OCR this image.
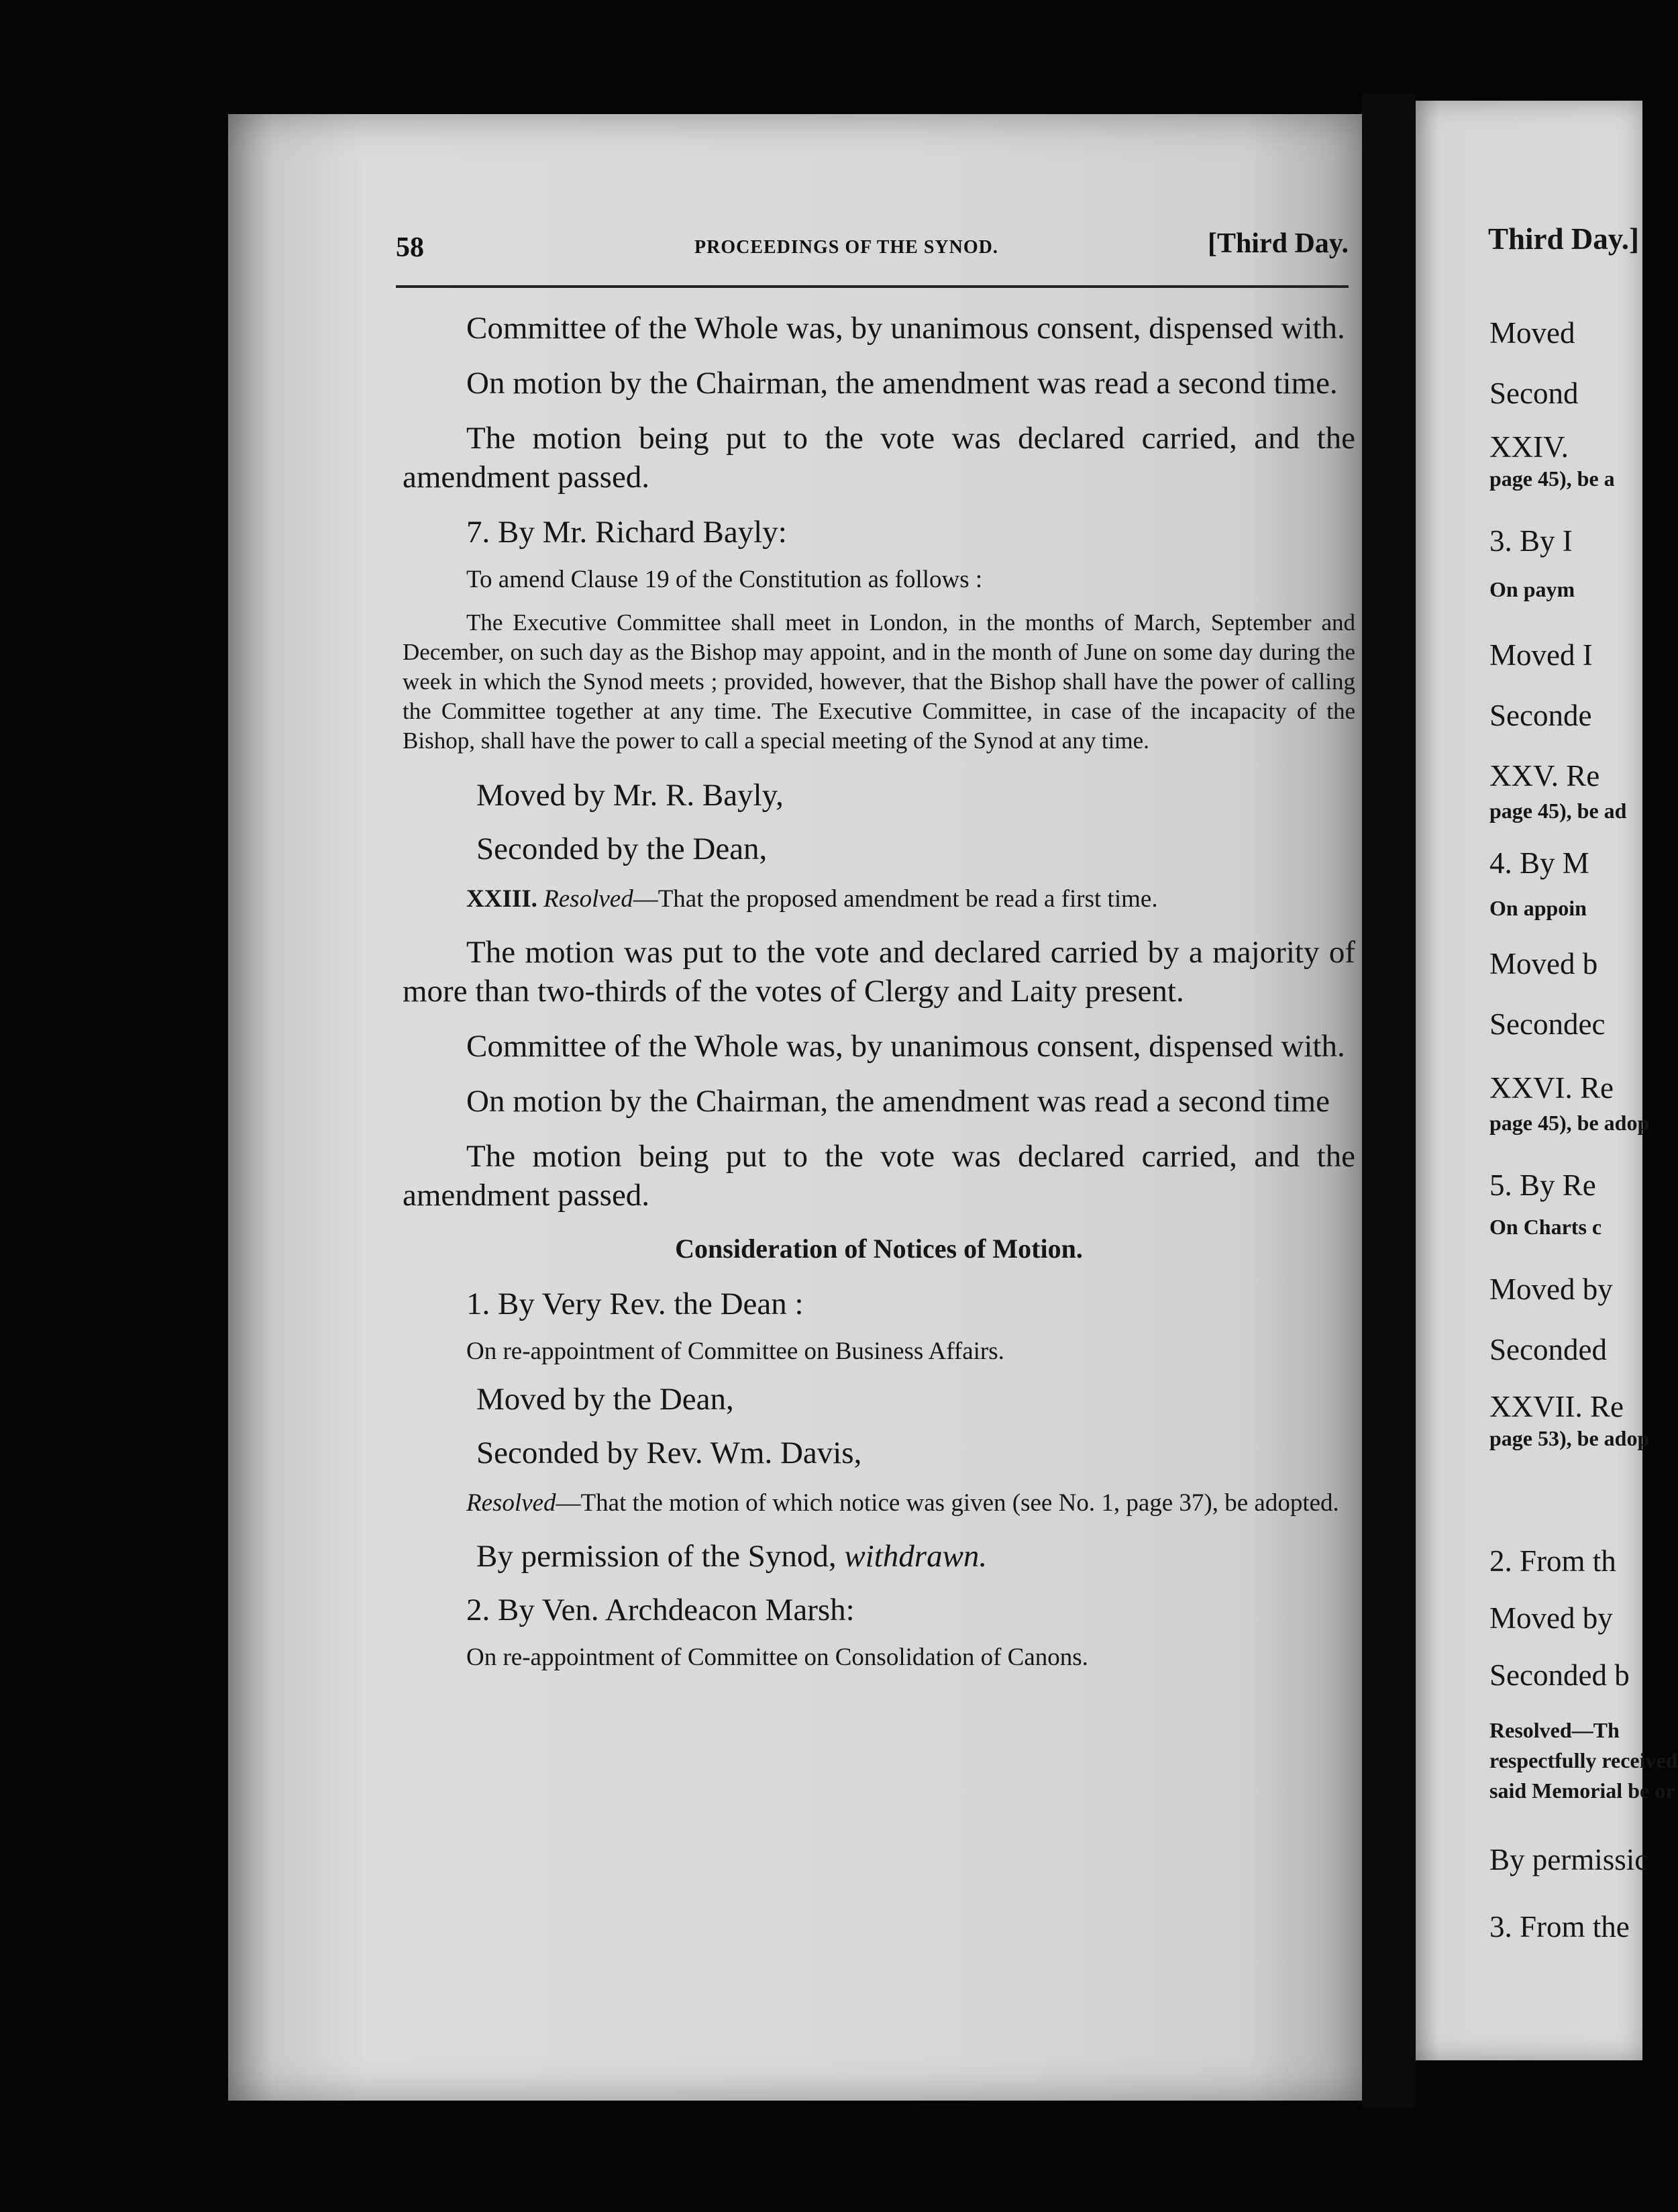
58	PROCEEDINGS OF THE SYNOD.	[Third Day.

Committee of the Whole was, by unanimous consent, dispensed with.

On motion by the Chairman, the amendment was read a second time.

The motion being put to the vote was declared carried, and the amendment passed.

7. By Mr. Richard Bayly:

To amend Clause 19 of the Constitution as follows :

The Executive Committee shall meet in London, in the months of March, September and December, on such day as the Bishop may appoint, and in the month of June on some day during the week in which the Synod meets ; provided, however, that the Bishop shall have the power of calling the Committee together at any time. The Executive Committee, in case of the incapacity of the Bishop, shall have the power to call a special meeting of the Synod at any time.

Moved by Mr. R. Bayly,

Seconded by the Dean,

XXIII. Resolved—That the proposed amendment be read a first time.

The motion was put to the vote and declared carried by a majority of more than two-thirds of the votes of Clergy and Laity present.

Committee of the Whole was, by unanimous consent, dispensed with.

On motion by the Chairman, the amendment was read a second time

The motion being put to the vote was declared carried, and the amendment passed.

Consideration of Notices of Motion.

1. By Very Rev. the Dean :

On re-appointment of Committee on Business Affairs.

Moved by the Dean,

Seconded by Rev. Wm. Davis,

Resolved—That the motion of which notice was given (see No. 1, page 37), be adopted.

By permission of the Synod, withdrawn.

2. By Ven. Archdeacon Marsh:

On re-appointment of Committee on Consolidation of Canons.

Third Day.]
Moved
Second
XXIV.
page 45), be a
3. By I
On paym
Moved I
Seconde
XXV. Re
page 45), be ad
4. By M
On appoin
Moved b
Secondec
XXVI. Re
page 45), be adop
5. By Re
On Charts c
Moved by
Seconded
XXVII. Re
page 53), be adop
2. From th
Moved by
Seconded b
Resolved—Th
respectfully received
said Memorial be or
By permissic
3. From the
